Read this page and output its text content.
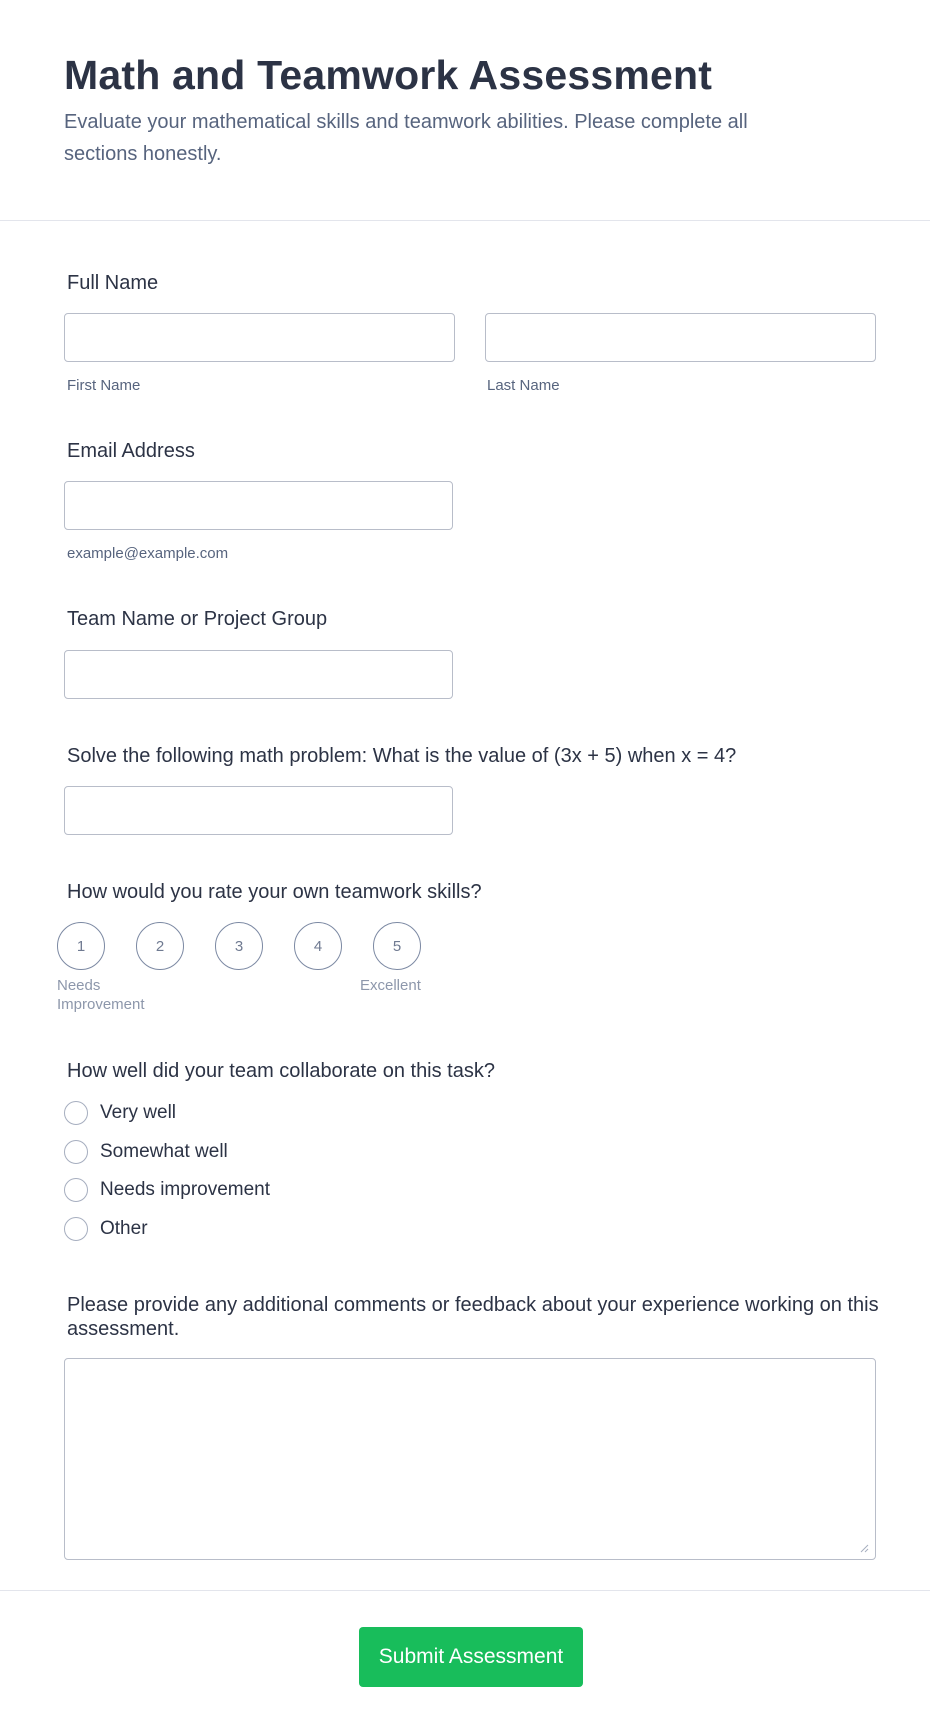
Math and Teamwork Assessment

Evaluate your mathematical skills and teamwork abilities. Please complete all sections honestly.

Full Name
First Name	Last Name
Email Address
example@example.com
Team Name or Project Group
Solve the following math problem: What is the value of (3x + 5) when x = 4?
How would you rate your own teamwork skills?
1	2	3	4	5
Needs Improvement
Excellent
How well did your team collaborate on this task?
Very well
Somewhat well
Needs improvement
Other
Please provide any additional comments or feedback about your experience working on this assessment.
Submit Assessment
